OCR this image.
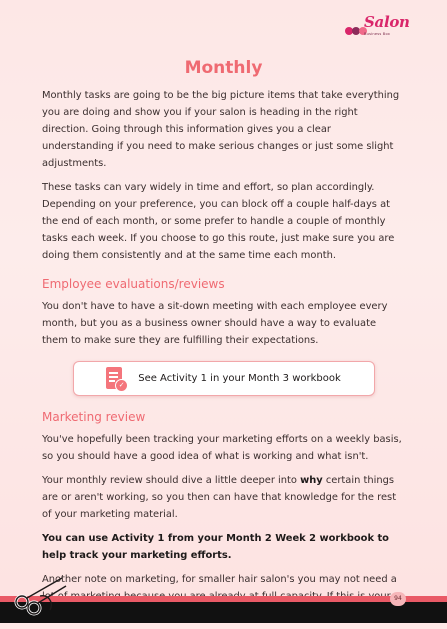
Salon
Business Box
Monthly

Monthly tasks are going to be the big picture items that take everything you are doing and show you if your salon is heading in the right direction. Going through this information gives you a clear understanding if you need to make serious changes or just some slight adjustments.

These tasks can vary widely in time and effort, so plan accordingly. Depending on your preference, you can block off a couple half-days at the end of each month, or some prefer to handle a couple of monthly tasks each week. If you choose to go this route, just make sure you are doing them consistently and at the same time each month.

Employee evaluations/reviews

You don't have to have a sit-down meeting with each employee every month, but you as a business owner should have a way to evaluate them to make sure they are fulfilling their expectations.

✓
See Activity 1 in your Month 3 workbook
Marketing review

You've hopefully been tracking your marketing efforts on a weekly basis, so you should have a good idea of what is working and what isn't.

Your monthly review should dive a little deeper into why certain things are or aren't working, so you then can have that knowledge for the rest of your marketing material.

You can use Activity 1 from your Month 2 Week 2 workbook to help track your marketing efforts.

Another note on marketing, for smaller hair salon's you may not need a

94
